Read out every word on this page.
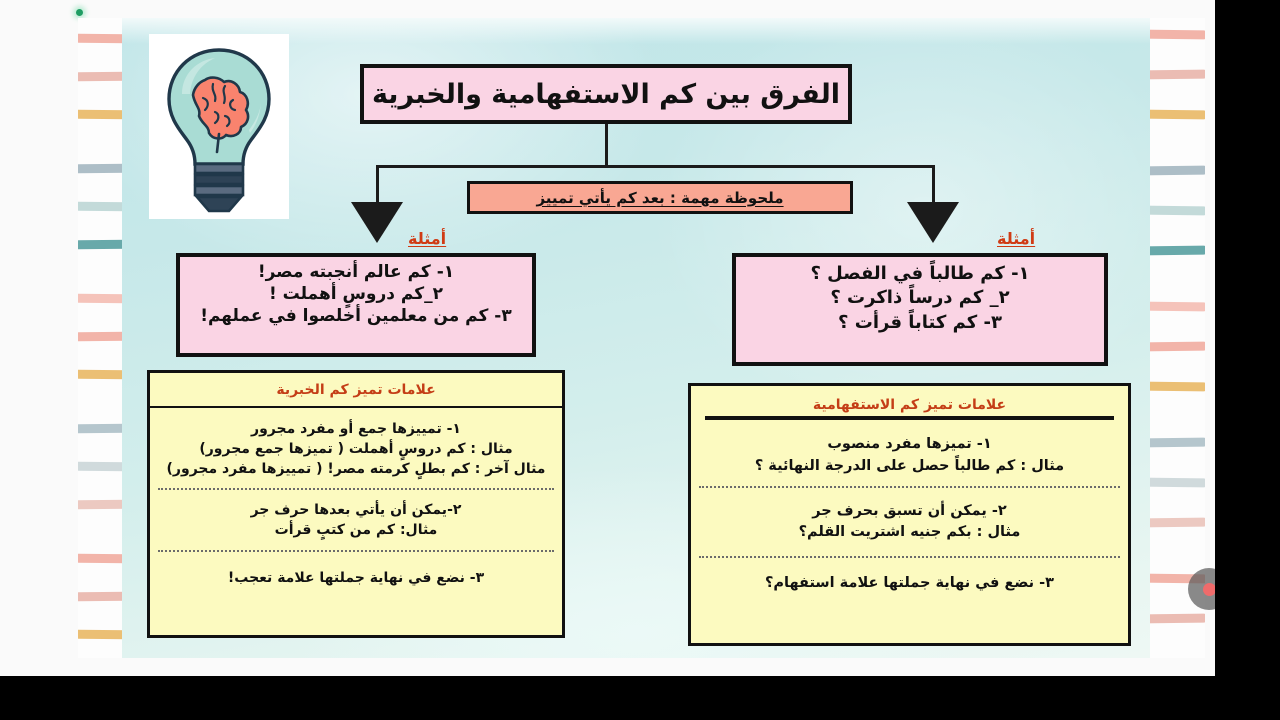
الفرق بين كم الاستفهامية والخبرية
ملحوظة مهمة : بعد كم يأتي تمييز
أمثلة	أمثلة
١- كم عالم أنجبته مصر!
٢_كم دروسٍ أهملت !
٣- كم من معلمين أخلصوا في عملهم!
١- كم طالباً في الفصل ؟
٢_ كم درساً ذاكرت ؟
٣- كم كتاباً قرأت ؟
علامات تميز كم الخبرية
١- تمييزها جمع أو مفرد مجرور
مثال : كم دروسٍ أهملت ( تميزها جمع مجرور)
مثال آخر : كم بطلٍ كرمته مصر! ( تمييزها مفرد مجرور)
٢-يمكن أن يأتي بعدها حرف جر
مثال: كم من كتبٍ قرأت
٣- نضع في نهاية جملتها علامة تعجب!
علامات تميز كم الاستفهامية
١- تميزها مفرد منصوب
مثال : كم طالباً حصل على الدرجة النهائية ؟
٢- يمكن أن تسبق بحرف جر
مثال : بكم جنيه اشتريت القلم؟
٣- نضع في نهاية جملتها علامة استفهام؟
